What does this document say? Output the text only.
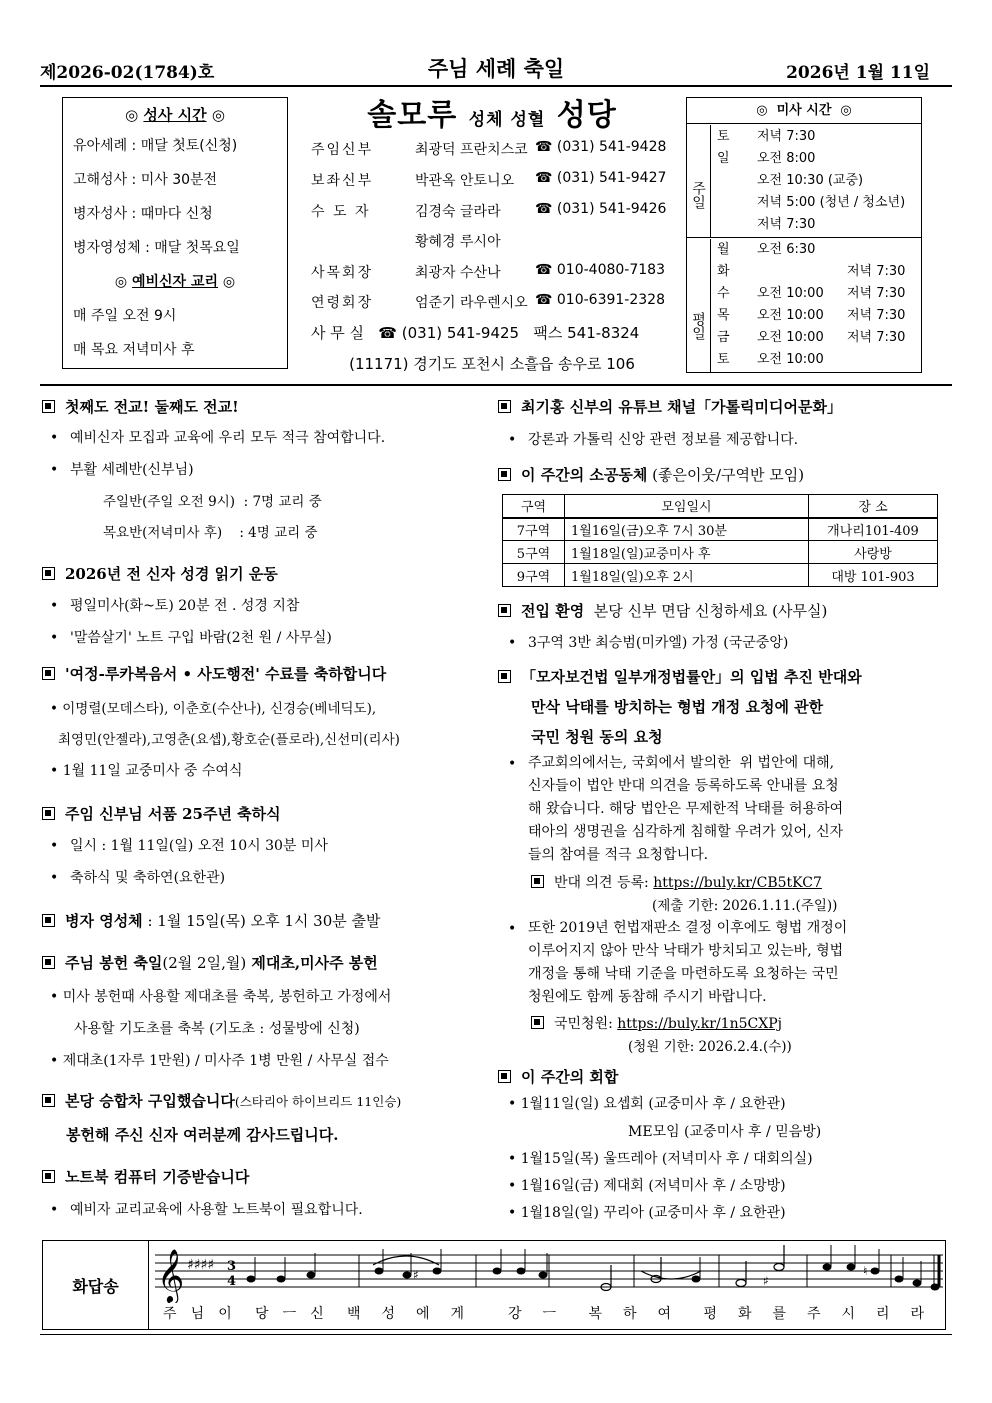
제2026-02(1784)호	주님 세례 축일	2026년 1월 11일
◎ 성사 시간 ◎
유아세례 : 매달 첫토(신청)
고해성사 : 미사 30분전
병자성사 : 때마다 신청
병자영성체 : 매달 첫목요일
◎ 예비신자 교리 ◎
매 주일 오전 9시
매 목요 저녁미사 후
솔모루 성체 성혈 성당
주임신부	최광덕 프란치스코 ☎ (031) 541-9428
보좌신부	박관옥 안토니오 ☎ (031) 541-9427
수 도 자	김경숙 글라라 ☎ (031) 541-9426
황혜경 루시아
사목회장	최광자 수산나 ☎ 010-4080-7183
연령회장	엄준기 라우렌시오 ☎ 010-6391-2328
사 무 실   ☎ (031) 541-9425   팩스 541-8324
(11171) 경기도 포천시 소흘읍 송우로 106
◎  미사 시간  ◎
주일
토 저녁 7:30
일 오전 8:00
오전 10:30 (교중)
저녁 5:00 (청년 / 청소년)
저녁 7:30
평일
월 오전 6:30
화	저녁 7:30
수 오전 10:00 저녁 7:30
목 오전 10:00 저녁 7:30
금 오전 10:00 저녁 7:30
토 오전 10:00
첫째도 전교! 둘째도 전교!
• 예비신자 모집과 교육에 우리 모두 적극 참여합니다.
• 부활 세례반(신부님)
주일반(주일 오전 9시)  : 7명 교리 중
목요반(저녁미사 후)    : 4명 교리 중
2026년 전 신자 성경 읽기 운동
• 평일미사(화~토) 20분 전 . 성경 지참
• '말씀살기' 노트 구입 바람(2천 원 / 사무실)
'여정-루카복음서 • 사도행전' 수료를 축하합니다
• 이명렬(모데스타), 이춘호(수산나), 신경승(베네딕도),
최영민(안젤라),고영춘(요셉),황호순(플로라),신선미(리사)
• 1월 11일 교중미사 중 수여식
주임 신부님 서품 25주년 축하식
• 일시 : 1월 11일(일) 오전 10시 30분 미사
• 축하식 및 축하연(요한관)
병자 영성체 : 1월 15일(목) 오후 1시 30분 출발
주님 봉헌 축일(2월 2일,월) 제대초,미사주 봉헌
• 미사 봉헌때 사용할 제대초를 축복, 봉헌하고 가정에서
사용할 기도초를 축복 (기도초 : 성물방에 신청)
• 제대초(1자루 1만원) / 미사주 1병 만원 / 사무실 접수
본당 승합차 구입했습니다(스타리아 하이브리드 11인승)
봉헌해 주신 신자 여러분께 감사드립니다.
노트북 컴퓨터 기증받습니다
• 예비자 교리교육에 사용할 노트북이 필요합니다.
최기홍 신부의 유튜브 채널「가톨릭미디어문화」
• 강론과 가톨릭 신앙 관련 정보를 제공합니다.
이 주간의 소공동체 (좋은이웃/구역반 모임)
구역	모임일시	장 소
7구역	1월16일(금)오후 7시 30분	개나리101-409
5구역	1월18일(일)교중미사 후	사랑방
9구역	1월18일(일)오후 2시	대방 101-903
전입 환영  본당 신부 면담 신청하세요 (사무실)
• 3구역 3반 최승범(미카엘) 가정 (국군중앙)
「모자보건법 일부개정법률안」의 입법 추진 반대와
만삭 낙태를 방치하는 형법 개정 요청에 관한
국민 청원 동의 요청
• 주교회의에서는, 국회에서 발의한  위 법안에 대해,
신자들이 법안 반대 의견을 등록하도록 안내를 요청
해 왔습니다. 해당 법안은 무제한적 낙태를 허용하여
태아의 생명권을 심각하게 침해할 우려가 있어, 신자
들의 참여를 적극 요청합니다.
반대 의견 등록: https://buly.kr/CB5tKC7
(제출 기한: 2026.1.11.(주일))
• 또한 2019년 헌법재판소 결정 이후에도 형법 개정이
이루어지지 않아 만삭 낙태가 방치되고 있는바, 형법
개정을 통해 낙태 기준을 마련하도록 요청하는 국민
청원에도 함께 동참해 주시기 바랍니다.
국민청원: https://buly.kr/1n5CXPj
(청원 기한: 2026.2.4.(수))
이 주간의 회합
• 1월11일(일) 요셉회 (교중미사 후 / 요한관)
ME모임 (교중미사 후 / 믿음방)
• 1월15일(목) 울뜨레아 (저녁미사 후 / 대회의실)
• 1월16일(금) 제대회 (저녁미사 후 / 소망방)
• 1월18일(일) 꾸리아 (교중미사 후 / 요한관)
화답송 𝄞 ♯♯♯♯ 3
4	♯	♯
♮
주 님 이 당 ㅡ 신 백 성 에 게	강 ㅡ 복 하 여 평 화 를 주 시 리 라
